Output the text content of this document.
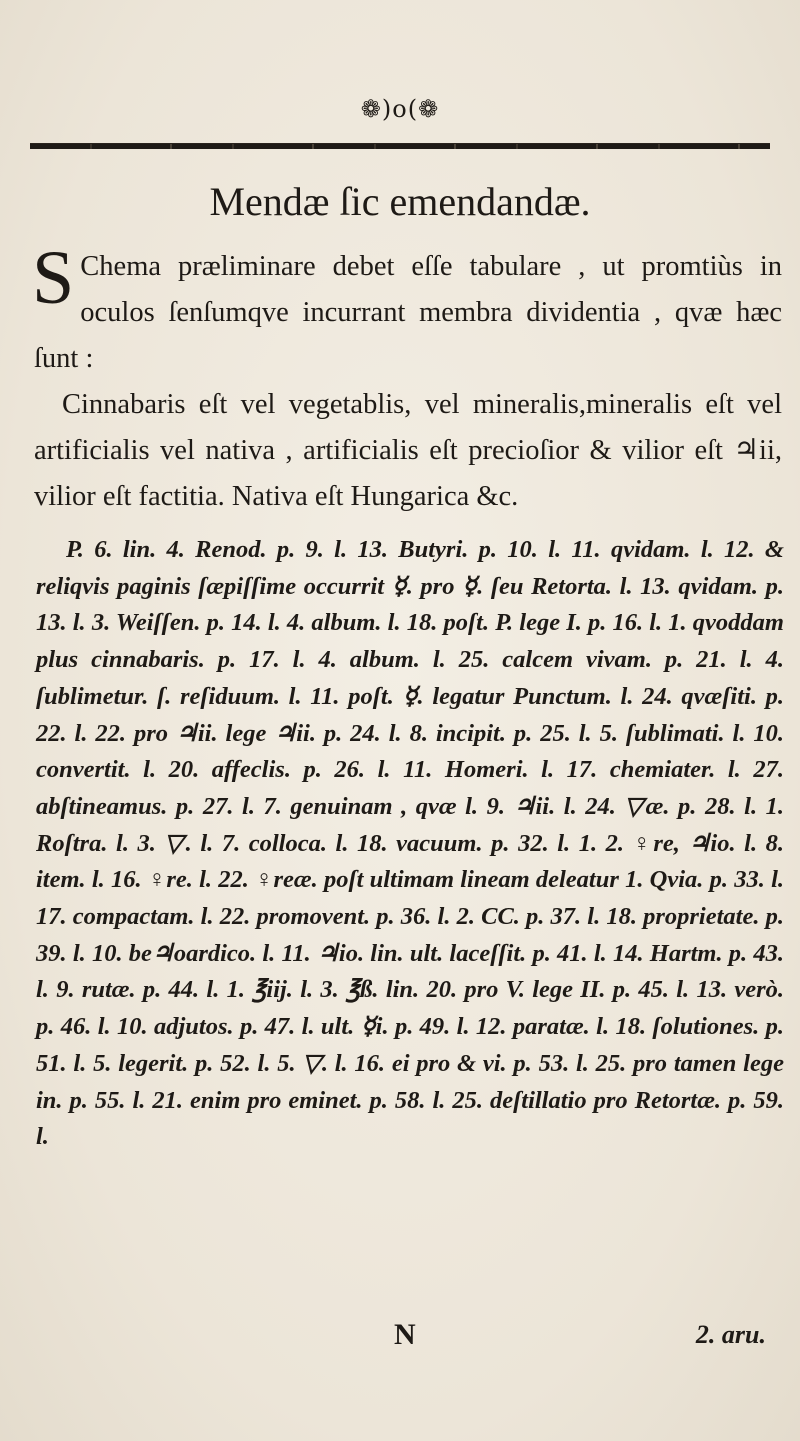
❁)o(❁
Mendæ ſic emendandæ.
S Chema præliminare debet eſſe tabulare , ut promtiùs in oculos ſenſumqve incurrant membra dividentia , qvæ hæc ſunt :

Cinnabaris eſt vel vegetablis, vel mineralis,mineralis eſt vel artificialis vel nativa , artificialis eſt precioſior & vilior eſt ♃ii, vilior eſt factitia. Nativa eſt Hungarica &c.

P. 6. lin. 4. Renod. p. 9. l. 13. Butyri. p. 10. l. 11. qvidam. l. 12. & reliqvis paginis ſæpiſſime occurrit ☿. pro ☿. ſeu Retorta. l. 13. qvidam. p. 13. l. 3. Weiſſen. p. 14. l. 4. album. l. 18. poſt. P. lege I. p. 16. l. 1. qvoddam plus cinnabaris. p. 17. l. 4. album. l. 25. calcem vivam. p. 21. l. 4. ſublimetur. ſ. reſiduum. l. 11. poſt. ☿. legatur Punctum. l. 24. qvæſiti. p. 22. l. 22. pro ♃ii. lege ♃ii. p. 24. l. 8. incipit. p. 25. l. 5. ſublimati. l. 10. convertit. l. 20. affeclis. p. 26. l. 11. Homeri. l. 17. chemiater. l. 27. abſtineamus. p. 27. l. 7. genuinam , qvæ l. 9. ♃ii. l. 24. ▽æ. p. 28. l. 1. Roſtra. l. 3. ▽. l. 7. colloca. l. 18. vacuum. p. 32. l. 1. 2. ♀re, ♃io. l. 8. item. l. 16. ♀re. l. 22. ♀reæ. poſt ultimam lineam deleatur 1. Qvia. p. 33. l. 17. compactam. l. 22. promovent. p. 36. l. 2. CC. p. 37. l. 18. proprietate. p. 39. l. 10. be♃oardico. l. 11. ♃io. lin. ult. laceſſit. p. 41. l. 14. Hartm. p. 43. l. 9. rutæ. p. 44. l. 1. ℥iij. l. 3. ℥ß. lin. 20. pro V. lege II. p. 45. l. 13. verò. p. 46. l. 10. adjutos. p. 47. l. ult. ☿i. p. 49. l. 12. paratæ. l. 18. ſolutiones. p. 51. l. 5. legerit. p. 52. l. 5. ▽. l. 16. ei pro & vi. p. 53. l. 25. pro tamen lege in. p. 55. l. 21. enim pro eminet. p. 58. l. 25. deſtillatio pro Retortæ. p. 59. l.
N	2. aru.
